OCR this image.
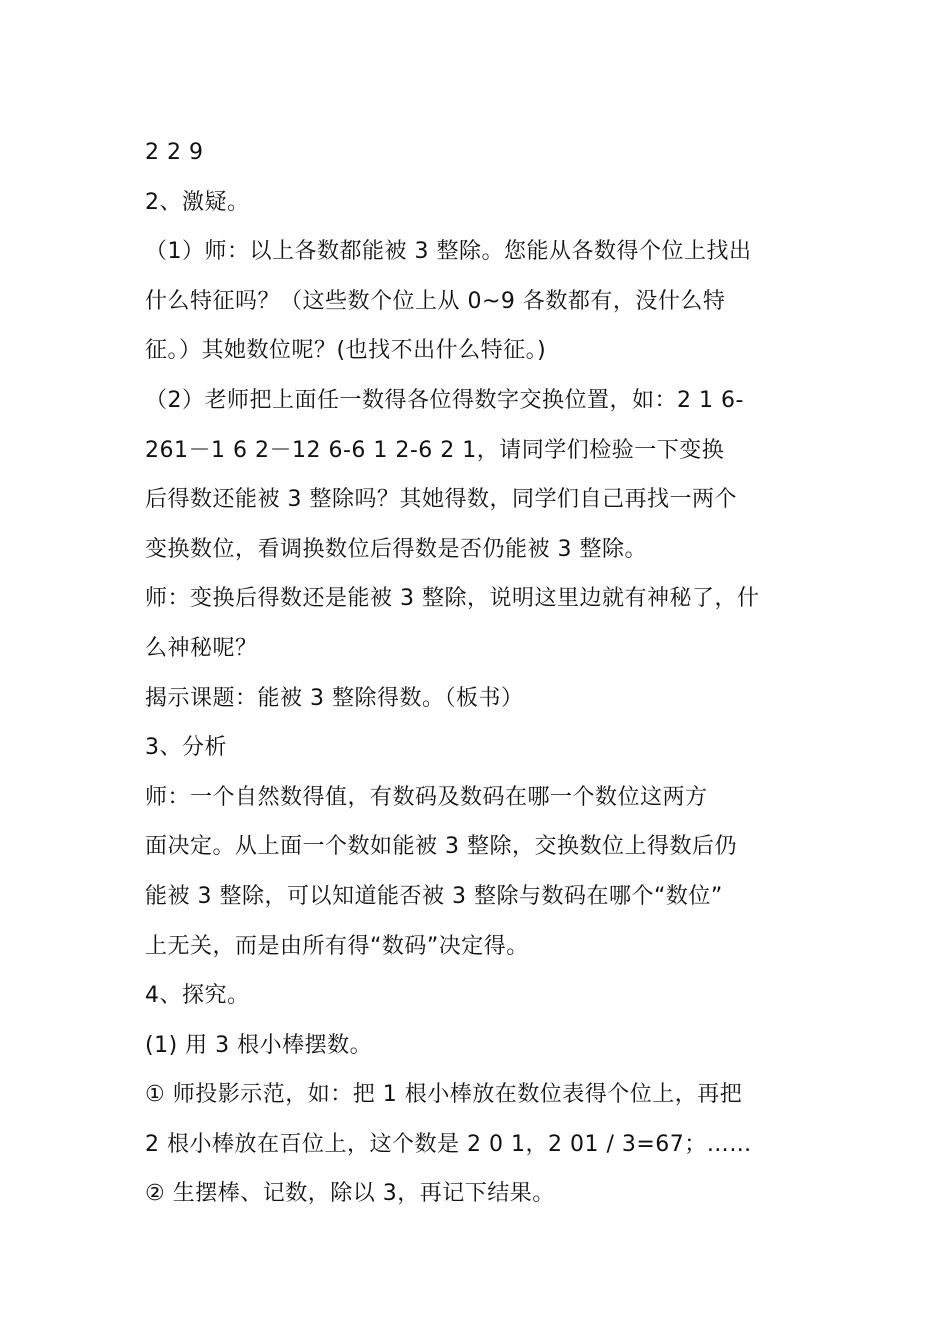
2 2 9
2、激疑。
（1）师：以上各数都能被 3 整除。您能从各数得个位上找出
什么特征吗？（这些数个位上从 0~9 各数都有，没什么特
征。）其她数位呢？(也找不出什么特征。)
（2）老师把上面任一数得各位得数字交换位置，如：2 1 6-
261－1 6 2－12 6-6 1 2-6 2 1，请同学们检验一下变换
后得数还能被 3 整除吗？其她得数，同学们自己再找一两个
变换数位，看调换数位后得数是否仍能被 3 整除。
师：变换后得数还是能被 3 整除，说明这里边就有神秘了，什
么神秘呢？
揭示课题：能被 3 整除得数。（板书）
3、分析
师：一个自然数得值，有数码及数码在哪一个数位这两方
面决定。从上面一个数如能被 3 整除，交换数位上得数后仍
能被 3 整除，可以知道能否被 3 整除与数码在哪个“数位”
上无关，而是由所有得“数码”决定得。
4、探究。
(1) 用 3 根小棒摆数。
① 师投影示范，如：把 1 根小棒放在数位表得个位上，再把
2 根小棒放在百位上，这个数是 2 0 1，2 01 / 3=67；……
② 生摆棒、记数，除以 3，再记下结果。
